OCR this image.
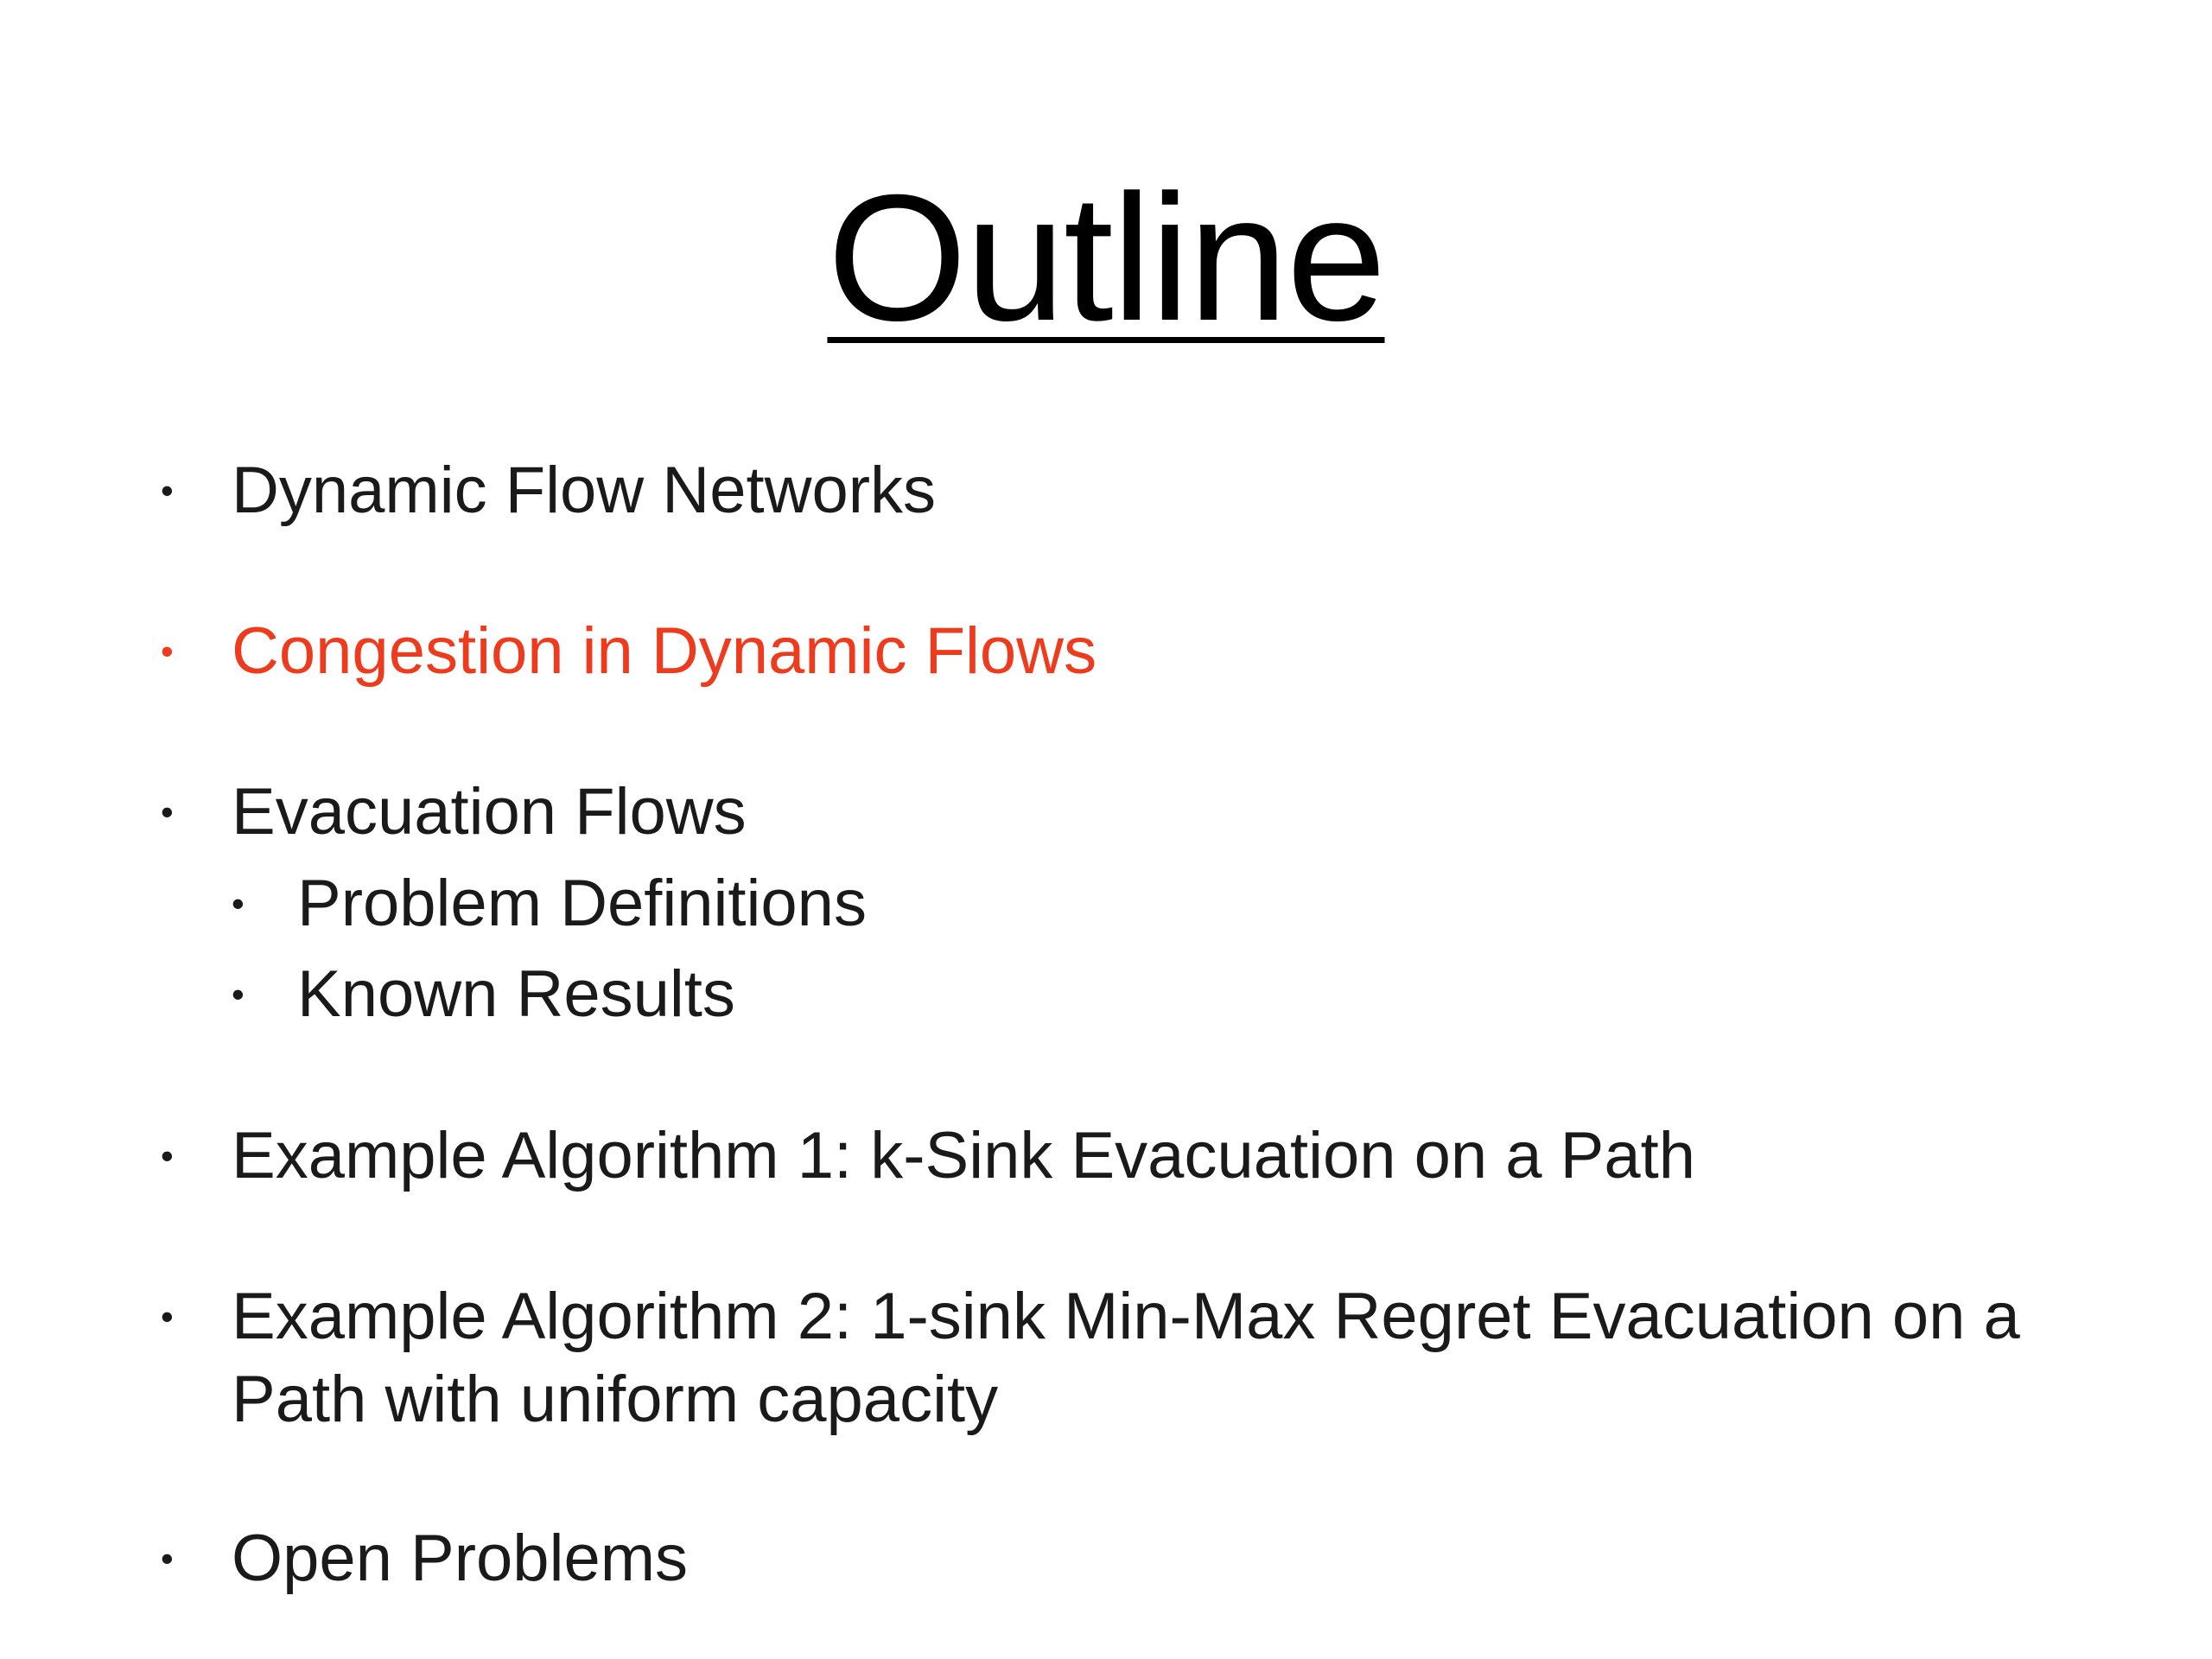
Outline
• Dynamic Flow Networks
• Congestion in Dynamic Flows
• Evacuation Flows
• Problem Definitions
• Known Results
• Example Algorithm 1: k-Sink Evacuation on a Path
• Example Algorithm 2: 1-sink Min-Max Regret Evacuation on a Path with uniform capacity
• Open Problems
